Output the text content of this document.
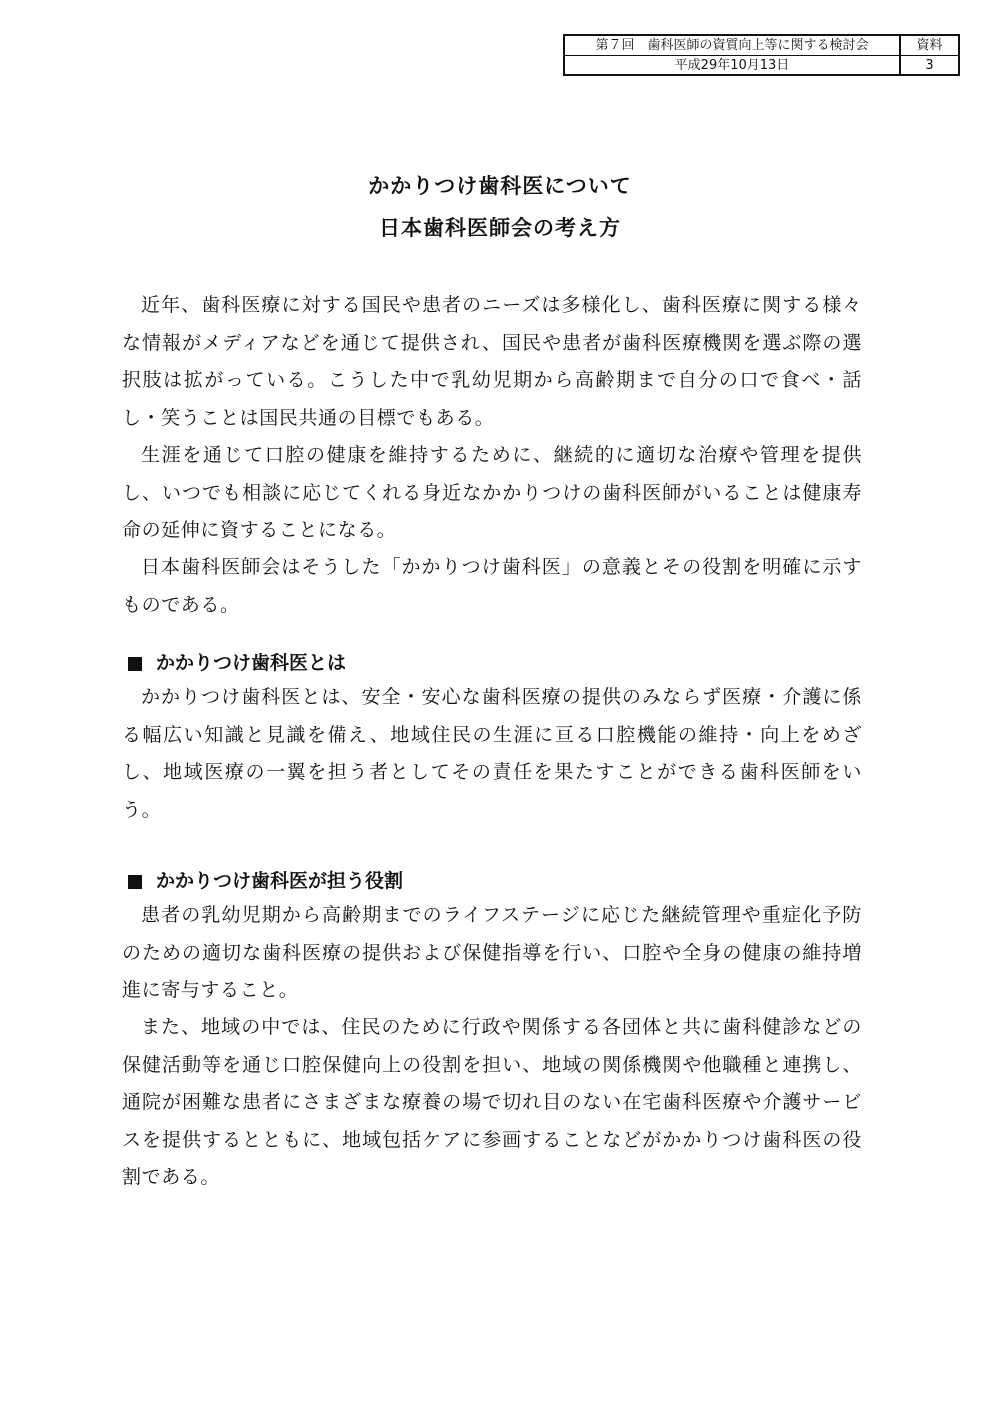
第７回　歯科医師の資質向上等に関する検討会
平成29年10月13日
資料
3
かかりつけ歯科医について
日本歯科医師会の考え方

近年、歯科医療に対する国民や患者のニーズは多様化し、歯科医療に関する様々な情報がメディアなどを通じて提供され、国民や患者が歯科医療機関を選ぶ際の選択肢は拡がっている。こうした中で乳幼児期から高齢期まで自分の口で食べ・話し・笑うことは国民共通の目標でもある。

生涯を通じて口腔の健康を維持するために、継続的に適切な治療や管理を提供し、いつでも相談に応じてくれる身近なかかりつけの歯科医師がいることは健康寿命の延伸に資することになる。

日本歯科医師会はそうした「かかりつけ歯科医」の意義とその役割を明確に示すものである。

かかりつけ歯科医とは

かかりつけ歯科医とは、安全・安心な歯科医療の提供のみならず医療・介護に係る幅広い知識と見識を備え、地域住民の生涯に亘る口腔機能の維持・向上をめざし、地域医療の一翼を担う者としてその責任を果たすことができる歯科医師をいう。

かかりつけ歯科医が担う役割

患者の乳幼児期から高齢期までのライフステージに応じた継続管理や重症化予防のための適切な歯科医療の提供および保健指導を行い、口腔や全身の健康の維持増進に寄与すること。

また、地域の中では、住民のために行政や関係する各団体と共に歯科健診などの保健活動等を通じ口腔保健向上の役割を担い、地域の関係機関や他職種と連携し、通院が困難な患者にさまざまな療養の場で切れ目のない在宅歯科医療や介護サービスを提供するとともに、地域包括ケアに参画することなどがかかりつけ歯科医の役割である。
